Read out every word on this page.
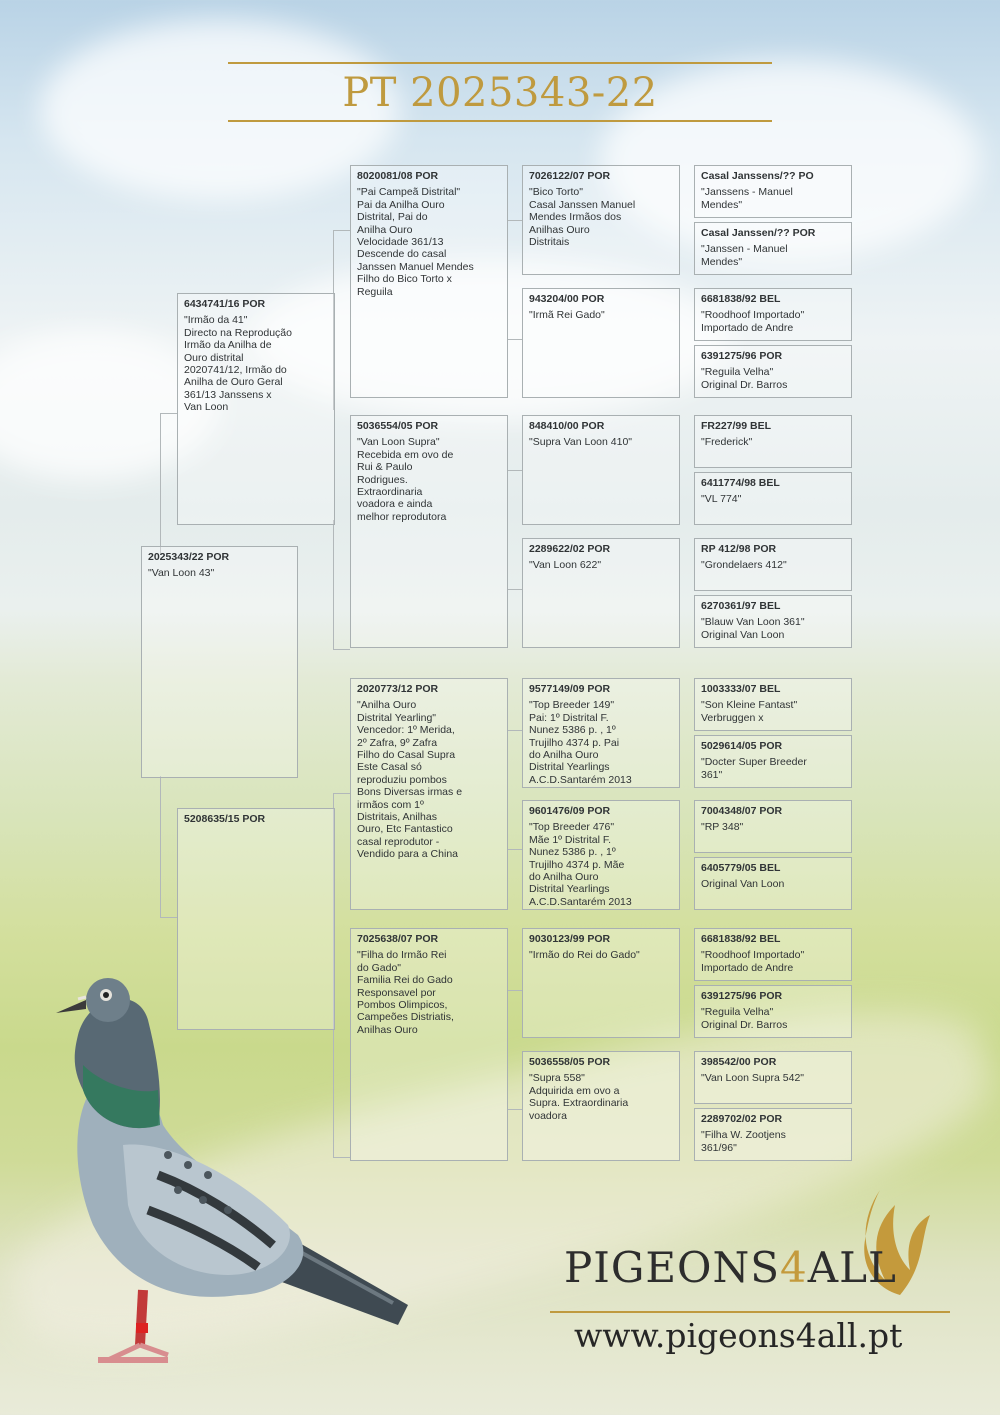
PT 2025343-22
2025343/22 POR
"Van Loon 43"
6434741/16 POR
"Irmão da 41"
Directo na Reprodução
Irmão da Anilha de
Ouro distrital
2020741/12, Irmão do
Anilha de Ouro Geral
361/13 Janssens x
Van Loon
5208635/15 POR
8020081/08 POR
"Pai Campeã Distrital"
Pai da Anilha Ouro
Distrital, Pai do
Anilha Ouro
Velocidade 361/13
Descende do casal
Janssen Manuel Mendes
Filho do Bico Torto x
Reguila
5036554/05 POR
"Van Loon Supra"
Recebida em ovo de
Rui & Paulo
Rodrigues.
Extraordinaria
voadora e ainda
melhor reprodutora
2020773/12 POR
"Anilha Ouro
Distrital Yearling"
Vencedor: 1º Merida,
2º Zafra, 9º Zafra
Filho do Casal Supra
Este Casal só
reproduziu pombos
Bons Diversas irmas e
irmãos com 1º
Distritais, Anilhas
Ouro, Etc Fantastico
casal reprodutor -
Vendido para a China
7025638/07 POR
"Filha do Irmão Rei
do Gado"
Familia Rei do Gado
Responsavel por
Pombos Olimpicos,
Campeões Distriatis,
Anilhas Ouro
7026122/07 POR
"Bico Torto"
Casal Janssen Manuel
Mendes Irmãos dos
Anilhas Ouro
Distritais
943204/00 POR
"Irmã Rei Gado"
848410/00 POR
"Supra Van Loon 410"
2289622/02 POR
"Van Loon 622"
9577149/09 POR
"Top Breeder 149"
Pai: 1º Distrital F.
Nunez 5386 p. , 1º
Trujilho 4374 p. Pai
do Anilha Ouro
Distrital Yearlings
A.C.D.Santarém 2013
9601476/09 POR
"Top Breeder 476"
Mãe 1º Distrital F.
Nunez 5386 p. , 1º
Trujilho 4374 p. Mãe
do Anilha Ouro
Distrital Yearlings
A.C.D.Santarém 2013
9030123/99 POR
"Irmão do Rei do Gado"
5036558/05 POR
"Supra 558"
Adquirida em ovo a
Supra. Extraordinaria
voadora
Casal Janssens/?? PO
"Janssens - Manuel
Mendes"
Casal Janssen/?? POR
"Janssen - Manuel
Mendes"
6681838/92 BEL
"Roodhoof Importado"
Importado de Andre
6391275/96 POR
"Reguila Velha"
Original Dr. Barros
FR227/99 BEL
"Frederick"
6411774/98 BEL
"VL 774"
RP 412/98 POR
"Grondelaers 412"
6270361/97 BEL
"Blauw Van Loon 361"
Original Van Loon
1003333/07 BEL
"Son Kleine Fantast"
Verbruggen x
5029614/05 POR
"Docter Super Breeder
361"
7004348/07 POR
"RP 348"
6405779/05 BEL
Original Van Loon
6681838/92 BEL
"Roodhoof Importado"
Importado de Andre
6391275/96 POR
"Reguila Velha"
Original Dr. Barros
398542/00 POR
"Van Loon Supra 542"
2289702/02 POR
"Filha W. Zootjens
361/96"
PIGEONS4ALL
www.pigeons4all.pt
